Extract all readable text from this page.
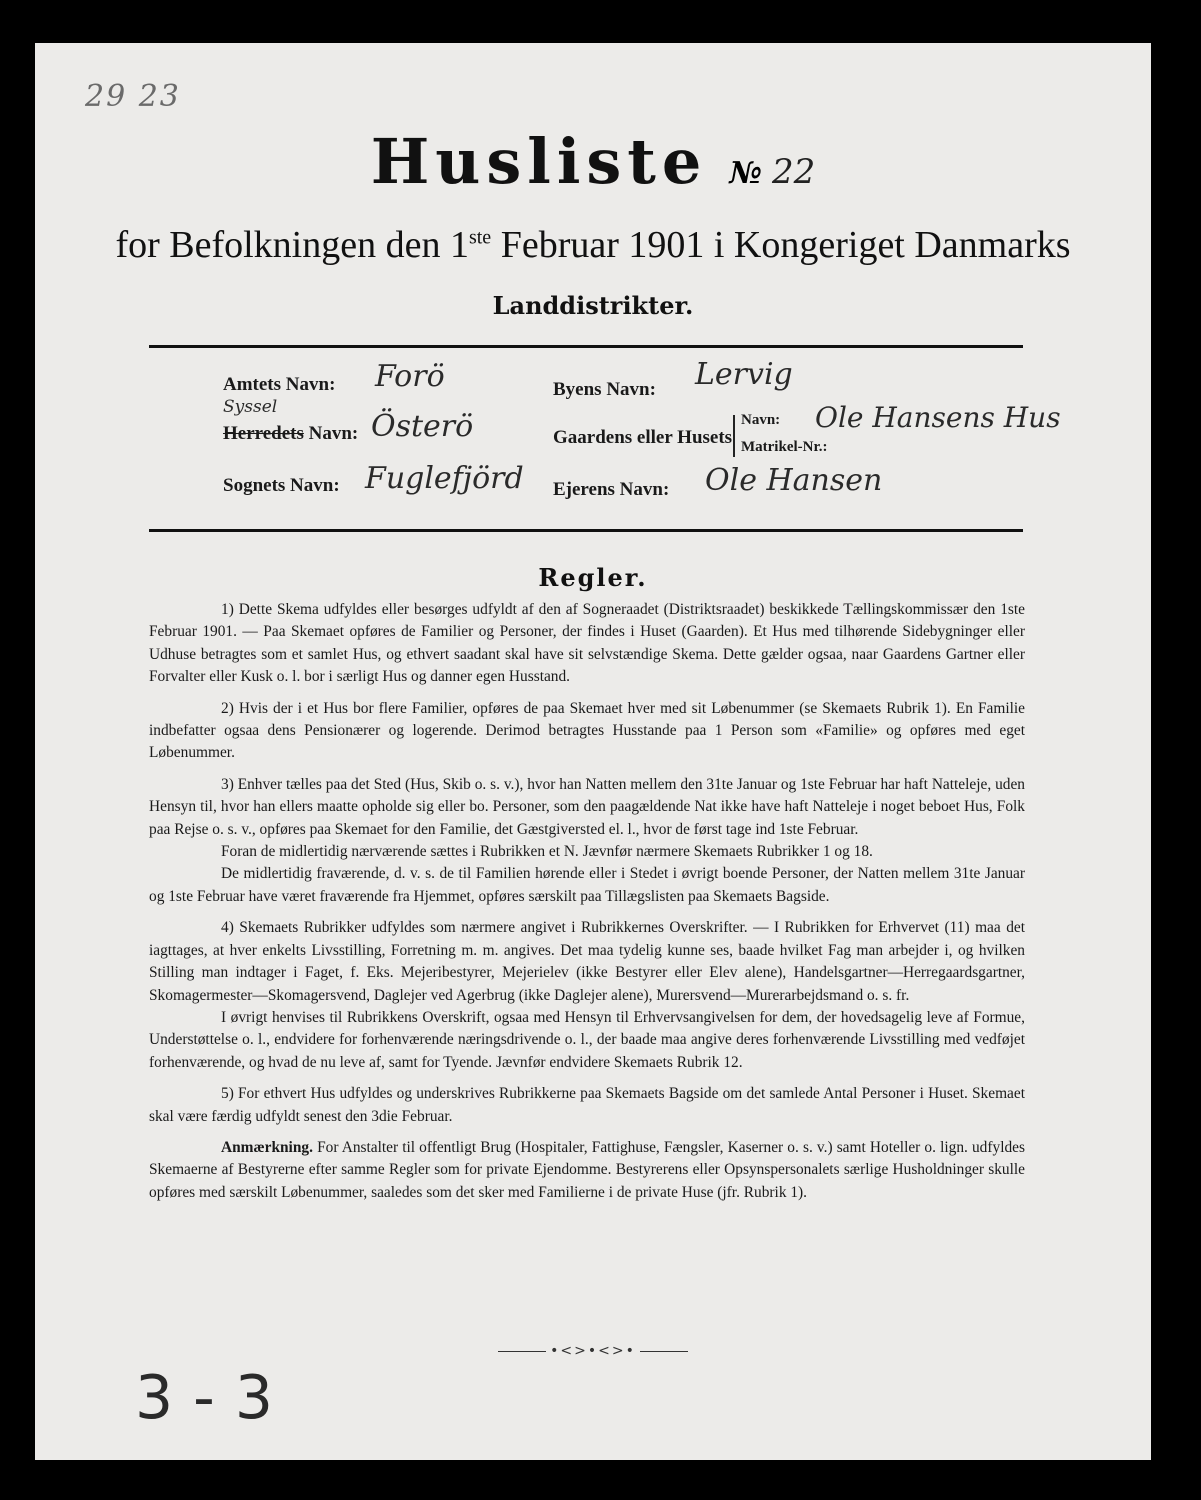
29 23
Husliste № 22
for Befolkningen den 1ste Februar 1901 i Kongeriget Danmarks
Landdistrikter.
Amtets Navn: Forö
Syssel
Herredets Navn: Österö
Sognets Navn: Fuglefjörd
Byens Navn: Lervig
Gaardens eller Husets
Navn: Ole Hansens Hus
Matrikel-Nr.:
Ejerens Navn: Ole Hansen
Regler.

1) Dette Skema udfyldes eller besørges udfyldt af den af Sogneraadet (Distriktsraadet) beskikkede Tællingskommissær den 1ste Februar 1901. — Paa Skemaet opføres de Familier og Personer, der findes i Huset (Gaarden). Et Hus med tilhørende Sidebygninger eller Udhuse betragtes som et samlet Hus, og ethvert saadant skal have sit selvstændige Skema. Dette gælder ogsaa, naar Gaardens Gartner eller Forvalter eller Kusk o. l. bor i særligt Hus og danner egen Husstand.

2) Hvis der i et Hus bor flere Familier, opføres de paa Skemaet hver med sit Løbenummer (se Skemaets Rubrik 1). En Familie indbefatter ogsaa dens Pensionærer og logerende. Derimod betragtes Husstande paa 1 Person som «Familie» og opføres med eget Løbenummer.

3) Enhver tælles paa det Sted (Hus, Skib o. s. v.), hvor han Natten mellem den 31te Januar og 1ste Februar har haft Natteleje, uden Hensyn til, hvor han ellers maatte opholde sig eller bo. Personer, som den paagældende Nat ikke have haft Natteleje i noget beboet Hus, Folk paa Rejse o. s. v., opføres paa Skemaet for den Familie, det Gæstgiversted el. l., hvor de først tage ind 1ste Februar.

Foran de midlertidig nærværende sættes i Rubrikken et N. Jævnfør nærmere Skemaets Rubrikker 1 og 18.

De midlertidig fraværende, d. v. s. de til Familien hørende eller i Stedet i øvrigt boende Personer, der Natten mellem 31te Januar og 1ste Februar have været fraværende fra Hjemmet, opføres særskilt paa Tillægslisten paa Skemaets Bagside.

4) Skemaets Rubrikker udfyldes som nærmere angivet i Rubrikkernes Overskrifter. — I Rubrikken for Erhvervet (11) maa det iagttages, at hver enkelts Livsstilling, Forretning m. m. angives. Det maa tydelig kunne ses, baade hvilket Fag man arbejder i, og hvilken Stilling man indtager i Faget, f. Eks. Mejeribestyrer, Mejerielev (ikke Bestyrer eller Elev alene), Handelsgartner—Herregaardsgartner, Skomagermester—Skomagersvend, Daglejer ved Agerbrug (ikke Daglejer alene), Murersvend—Murerarbejdsmand o. s. fr.

I øvrigt henvises til Rubrikkens Overskrift, ogsaa med Hensyn til Erhvervsangivelsen for dem, der hovedsagelig leve af Formue, Understøttelse o. l., endvidere for forhenværende næringsdrivende o. l., der baade maa angive deres forhenværende Livsstilling med vedføjet forhenværende, og hvad de nu leve af, samt for Tyende. Jævnfør endvidere Skemaets Rubrik 12.

5) For ethvert Hus udfyldes og underskrives Rubrikkerne paa Skemaets Bagside om det samlede Antal Personer i Huset. Skemaet skal være færdig udfyldt senest den 3die Februar.

Anmærkning. For Anstalter til offentligt Brug (Hospitaler, Fattighuse, Fængsler, Kaserner o. s. v.) samt Hoteller o. lign. udfyldes Skemaerne af Bestyrerne efter samme Regler som for private Ejendomme. Bestyrerens eller Opsynspersonalets særlige Husholdninger skulle opføres med særskilt Løbenummer, saaledes som det sker med Familierne i de private Huse (jfr. Rubrik 1).

•<>•<>•
3-3
